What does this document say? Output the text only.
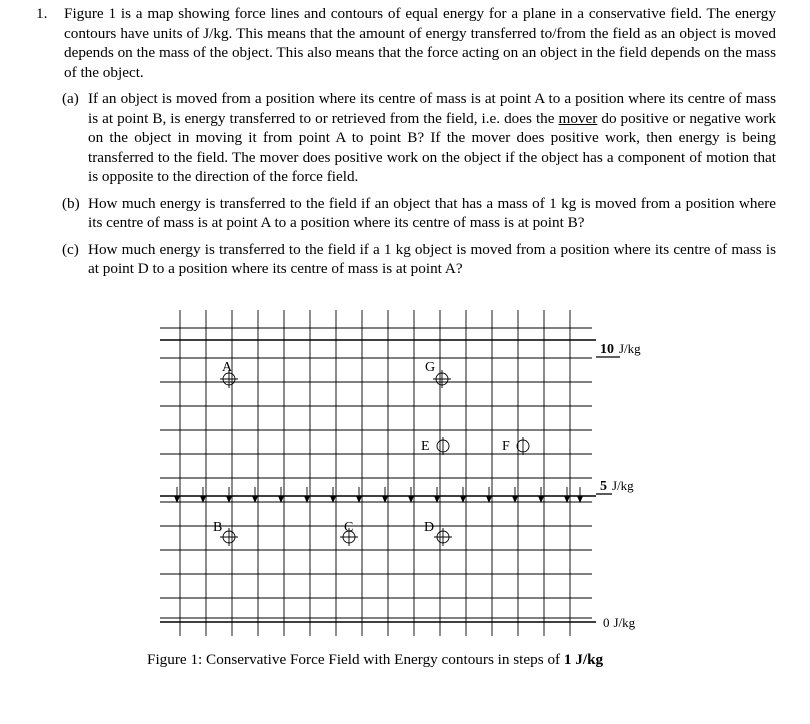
1. Figure 1 is a map showing force lines and contours of equal energy for a plane in a conservative field. The energy contours have units of J/kg. This means that the amount of energy transferred to/from the field as an object is moved depends on the mass of the object. This also means that the force acting on an object in the field depends on the mass of the object.
(a) If an object is moved from a position where its centre of mass is at point A to a position where its centre of mass is at point B, is energy transferred to or retrieved from the field, i.e. does the mover do positive or negative work on the object in moving it from point A to point B? If the mover does positive work, then energy is being transferred to the field. The mover does positive work on the object if the object has a component of motion that is opposite to the direction of the force field.
(b) How much energy is transferred to the field if an object that has a mass of 1 kg is moved from a position where its centre of mass is at point A to a position where its centre of mass is at point B?
(c) How much energy is transferred to the field if a 1 kg object is moved from a position where its centre of mass is at point D to a position where its centre of mass is at point A?
A	G
E	F
B	C	D
10 J/kg
5 J/kg
0 J/kg
Figure 1: Conservative Force Field with Energy contours in steps of 1 J/kg
